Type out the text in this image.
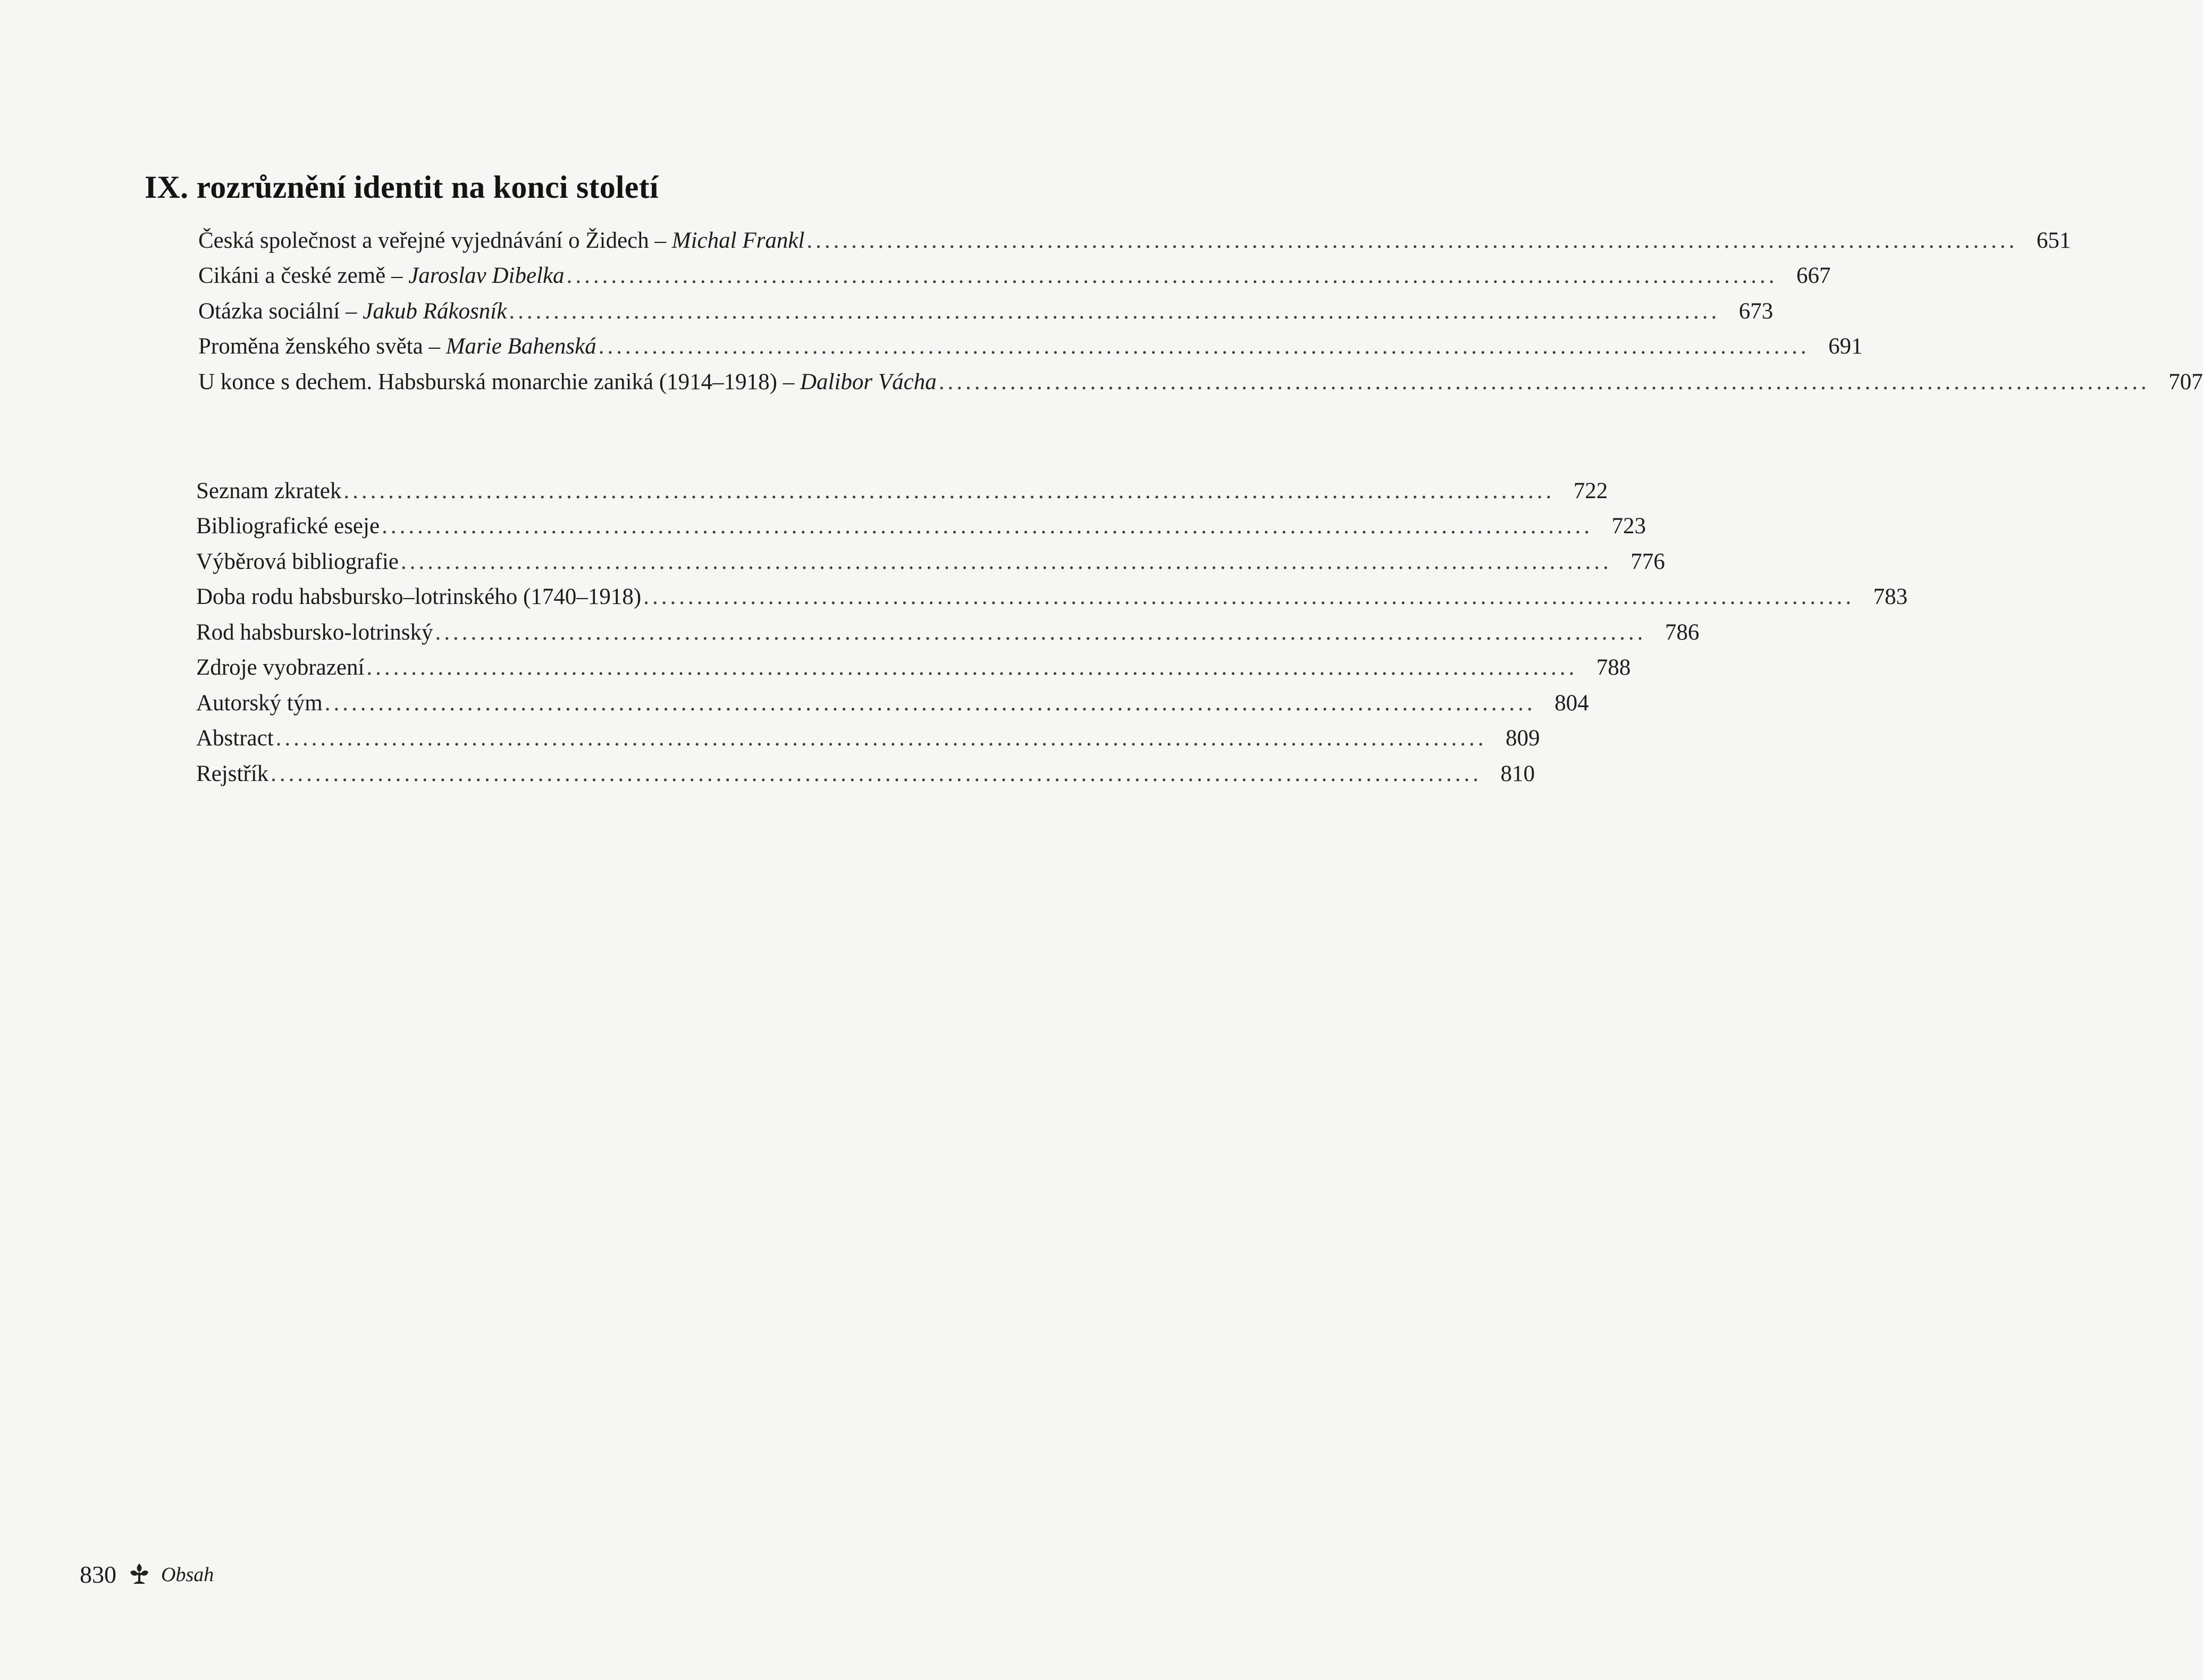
IX. rozrůznění identit na konci století
Česká společnost a veřejné vyjednávání o Židech – Michal Frankl ........................................................................................................................................ 651
Cikáni a české země – Jaroslav Dibelka ........................................................................................................................................ 667
Otázka sociální – Jakub Rákosník ........................................................................................................................................ 673
Proměna ženského světa – Marie Bahenská ........................................................................................................................................ 691
U konce s dechem. Habsburská monarchie zaniká (1914–1918) – Dalibor Vácha ........................................................................................................................................ 707
Seznam zkratek ........................................................................................................................................ 722
Bibliografické eseje ........................................................................................................................................ 723
Výběrová bibliografie ........................................................................................................................................ 776
Doba rodu habsbursko–lotrinského (1740–1918) ........................................................................................................................................ 783
Rod habsbursko-lotrinský ........................................................................................................................................ 786
Zdroje vyobrazení ........................................................................................................................................ 788
Autorský tým ........................................................................................................................................ 804
Abstract ........................................................................................................................................ 809
Rejstřík ........................................................................................................................................ 810
830 Obsah
